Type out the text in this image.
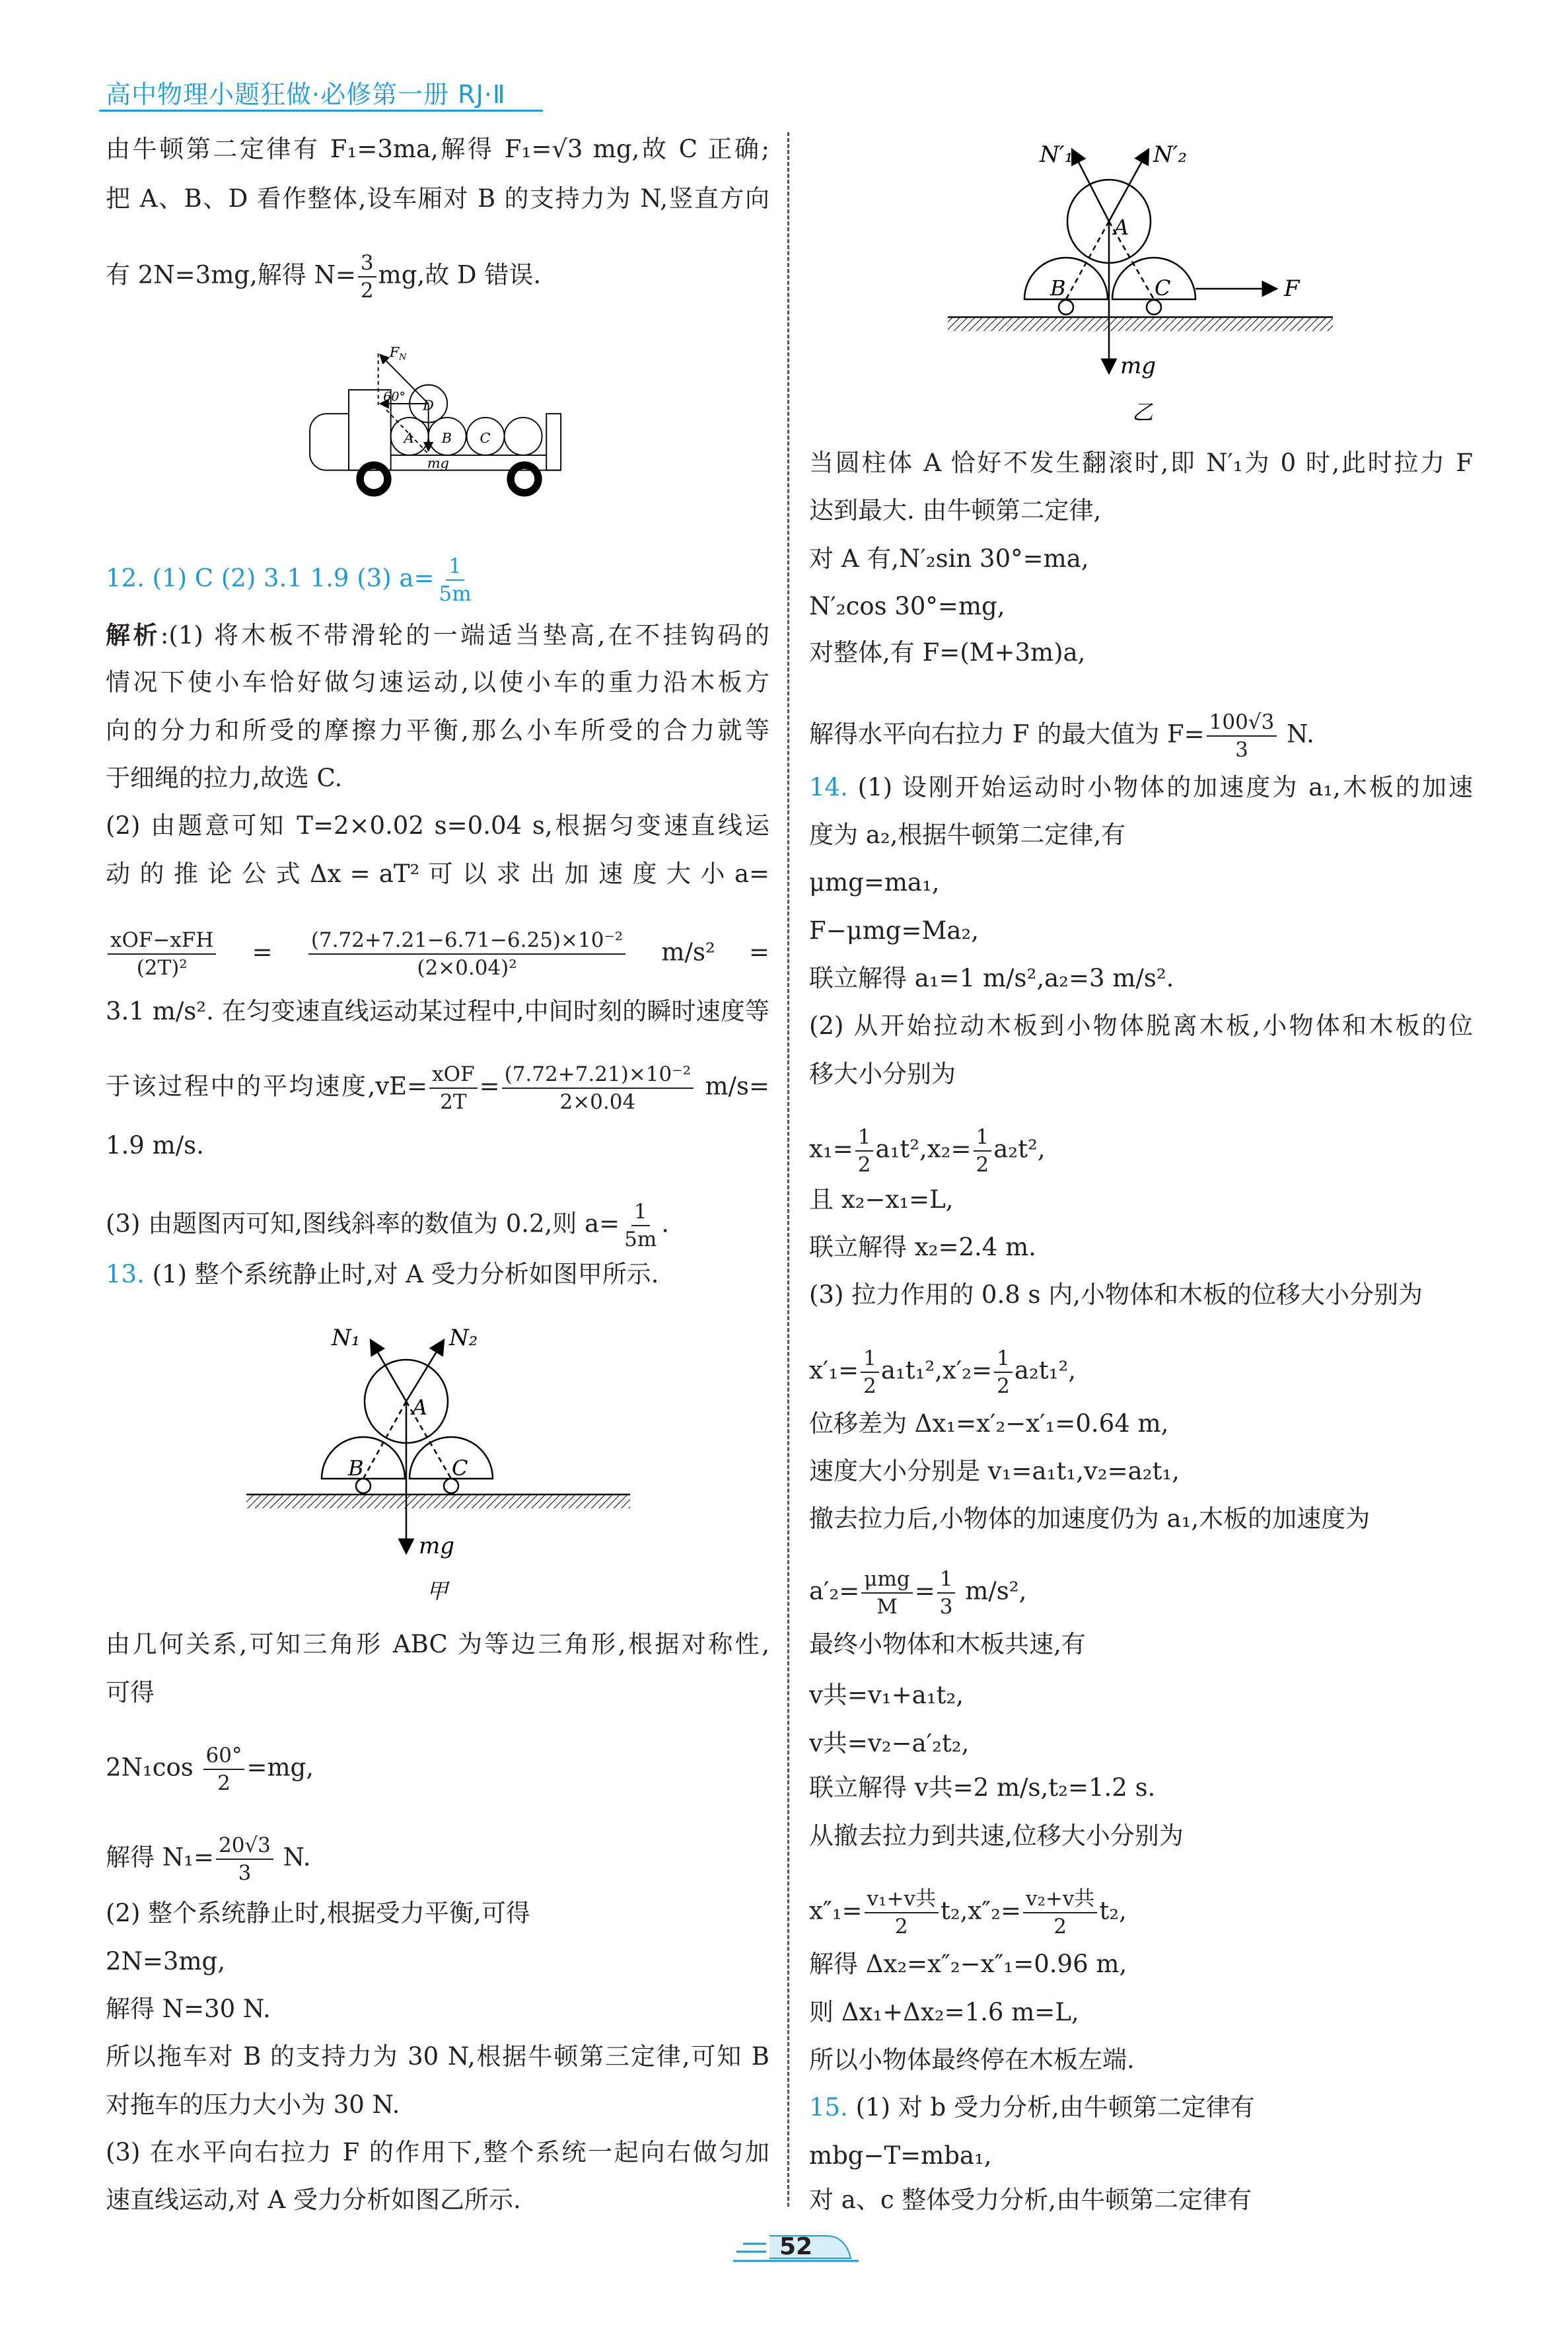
高中物理小题狂做·必修第一册 RJ·Ⅱ
由牛顿第二定律有 F₁=3ma,解得 F₁=√3 mg,故 C 正确;
把 A、B、D 看作整体,设车厢对 B 的支持力为 N,竖直方向
有 2N=3mg,解得 $N= \frac{3}{2}$ mg,故 D 错误.
12. (1) C (2) 3.1 1.9 (3) $a= \frac{1}{5m}$
解析:(1) 将木板不带滑轮的一端适当垫高,在不挂钩码的
情况下使小车恰好做匀速运动,以使小车的重力沿木板方
向的分力和所受的摩擦力平衡,那么小车所受的合力就等
于细绳的拉力,故选 C.
(2) 由题意可知 T=2×0.02 s=0.04 s,根据匀变速直线运
动 的 推 论 公 式 Δx = aT² 可 以 求 出 加 速 度 大 小 a=
$\frac{\text{xOF−xFH}}{\text{(2T)²}} = \frac{\text{(7.72+7.21−6.71−6.25)×10⁻²}}{\text{(2×0.04)²}} m/s^2$ =
3.1 m/s². 在匀变速直线运动某过程中,中间时刻的瞬时速度等
于该过程中的平均速度$,vE= \frac{\text{xOF}}{2T} = \frac{\text{(7.72+7.21)×10⁻²}}{2\times 0.04} m/s=$
1.9 m/s.
(3) 由题图丙可知,图线斜率的数值为 0.2,则 $a= \frac{1}{5m}$ .
13. (1) 整个系统静止时,对 A 受力分析如图甲所示.
由几何关系,可知三角形 ABC 为等边三角形,根据对称性,
可得
$2N_1\cos \frac{60^\circ}{2} =mg$,
解得 $N_1= \frac{20√3}{3} N$.
(2) 整个系统静止时,根据受力平衡,可得
2N=3mg,
解得 N=30 N.
所以拖车对 B 的支持力为 30 N,根据牛顿第三定律,可知 B
对拖车的压力大小为 30 N.
(3) 在水平向右拉力 F 的作用下,整个系统一起向右做匀加
速直线运动,对 A 受力分析如图乙所示.
当圆柱体 A 恰好不发生翻滚时,即 N′₁为 0 时,此时拉力 F
达到最大. 由牛顿第二定律,
对 A 有,N′₂sin 30°=ma,
N′₂cos 30°=mg,
对整体,有 F=(M+3m)a,
解得水平向右拉力 F 的最大值为 $F= \frac{100√3}{3} N$.
14. (1) 设刚开始运动时小物体的加速度为 a₁,木板的加速
度为 a₂,根据牛顿第二定律,有
μmg=ma₁,
F−μmg=Ma₂,
联立解得 a₁=1 m/s²,a₂=3 m/s².
(2) 从开始拉动木板到小物体脱离木板,小物体和木板的位
移大小分别为
$x_1= \frac{1}{2} a_1t^2,x_2= \frac{1}{2} a_2t^2$,
且 x₂−x₁=L,
联立解得 x₂=2.4 m.
(3) 拉力作用的 0.8 s 内,小物体和木板的位移大小分别为
$x'_1= \frac{1}{2} a_1t_1^2,x'_2= \frac{1}{2} a_2t_1^2$,
位移差为 Δx₁=x′₂−x′₁=0.64 m,
速度大小分别是 v₁=a₁t₁,v₂=a₂t₁,
撤去拉力后,小物体的加速度仍为 a₁,木板的加速度为
$a'_2= \frac{\text{μmg}}{M} = \frac{1}{3} m/s^2$,
最终小物体和木板共速,有
v共=v₁+a₁t₂,
v共=v₂−a′₂t₂,
联立解得 v共=2 m/s,t₂=1.2 s.
从撤去拉力到共速,位移大小分别为
$x''_1= \frac{\text{v₁+v共}}{2} t_2,x''_2= \frac{\text{v₂+v共}}{2} t_2$,
解得 Δx₂=x″₂−x″₁=0.96 m,
则 Δx₁+Δx₂=1.6 m=L,
所以小物体最终停在木板左端.
15. (1) 对 b 受力分析,由牛顿第二定律有
mbg−T=mba₁,
对 a、c 整体受力分析,由牛顿第二定律有
F N
60°
D
A B C
mg
N₁	N₂
A
B	C
mg
甲
N′₁	N′₂
A
B	C	F
mg
乙
52
